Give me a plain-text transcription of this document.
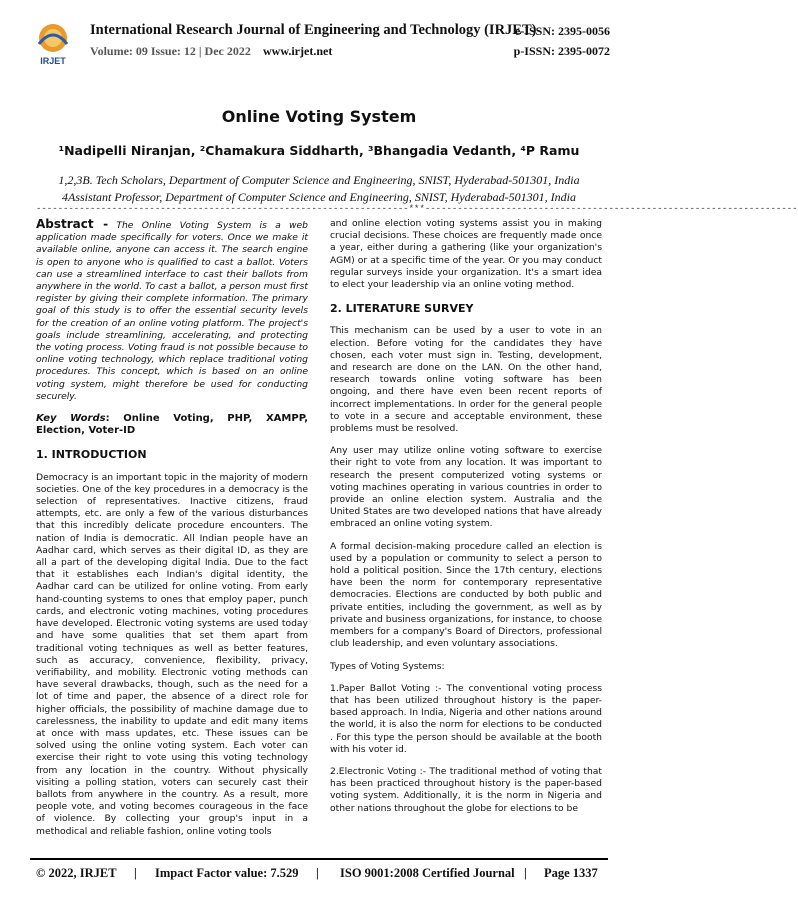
IRJET
International Research Journal of Engineering and Technology (IRJET)
e-ISSN: 2395-0056
Volume: 09 Issue: 12 | Dec 2022 www.irjet.net	p-ISSN: 2395-0072
Online Voting System
¹Nadipelli Niranjan, ²Chamakura Siddharth, ³Bhangadia Vedanth, ⁴P Ramu
1,2,3B. Tech Scholars, Department of Computer Science and Engineering, SNIST, Hyderabad-501301, India
4Assistant Professor, Department of Computer Science and Engineering, SNIST, Hyderabad-501301, India
---------------------------------------------------------------------***---------------------------------------------------------------------
Abstract - The Online Voting System is a web application made specifically for voters. Once we make it available online, anyone can access it. The search engine is open to anyone who is qualified to cast a ballot. Voters can use a streamlined interface to cast their ballots from anywhere in the world. To cast a ballot, a person must first register by giving their complete information. The primary goal of this study is to offer the essential security levels for the creation of an online voting platform. The project's goals include streamlining, accelerating, and protecting the voting process. Voting fraud is not possible because to online voting technology, which replace traditional voting procedures. This concept, which is based on an online voting system, might therefore be used for conducting securely.
Key Words: Online Voting, PHP, XAMPP, Election, Voter-ID
1. INTRODUCTION

Democracy is an important topic in the majority of modern societies. One of the key procedures in a democracy is the selection of representatives. Inactive citizens, fraud attempts, etc. are only a few of the various disturbances that this incredibly delicate procedure encounters. The nation of India is democratic. All Indian people have an Aadhar card, which serves as their digital ID, as they are all a part of the developing digital India. Due to the fact that it establishes each Indian's digital identity, the Aadhar card can be utilized for online voting. From early hand-counting systems to ones that employ paper, punch cards, and electronic voting machines, voting procedures have developed. Electronic voting systems are used today and have some qualities that set them apart from traditional voting techniques as well as better features, such as accuracy, convenience, flexibility, privacy, verifiability, and mobility. Electronic voting methods can have several drawbacks, though, such as the need for a lot of time and paper, the absence of a direct role for higher officials, the possibility of machine damage due to carelessness, the inability to update and edit many items at once with mass updates, etc. These issues can be solved using the online voting system. Each voter can exercise their right to vote using this voting technology from any location in the country. Without physically visiting a polling station, voters can securely cast their ballots from anywhere in the country. As a result, more people vote, and voting becomes courageous in the face of violence. By collecting your group's input in a methodical and reliable fashion, online voting tools

and online election voting systems assist you in making crucial decisions. These choices are frequently made once a year, either during a gathering (like your organization's AGM) or at a specific time of the year. Or you may conduct regular surveys inside your organization. It's a smart idea to elect your leadership via an online voting method.

2. LITERATURE SURVEY

This mechanism can be used by a user to vote in an election. Before voting for the candidates they have chosen, each voter must sign in. Testing, development, and research are done on the LAN. On the other hand, research towards online voting software has been ongoing, and there have even been recent reports of incorrect implementations. In order for the general people to vote in a secure and acceptable environment, these problems must be resolved.

Any user may utilize online voting software to exercise their right to vote from any location. It was important to research the present computerized voting systems or voting machines operating in various countries in order to provide an online election system. Australia and the United States are two developed nations that have already embraced an online voting system.

A formal decision-making procedure called an election is used by a population or community to select a person to hold a political position. Since the 17th century, elections have been the norm for contemporary representative democracies. Elections are conducted by both public and private entities, including the government, as well as by private and business organizations, for instance, to choose members for a company's Board of Directors, professional club leadership, and even voluntary associations.

Types of Voting Systems:

1.Paper Ballot Voting :- The conventional voting process that has been utilized throughout history is the paper-based approach. In India, Nigeria and other nations around the world, it is also the norm for elections to be conducted . For this type the person should be available at the booth with his voter id.

2.Electronic Voting :- The traditional method of voting that has been practiced throughout history is the paper-based voting system. Additionally, it is the norm in Nigeria and other nations throughout the globe for elections to be

© 2022, IRJET | Impact Factor value: 7.529 | ISO 9001:2008 Certified Journal | Page 1337
